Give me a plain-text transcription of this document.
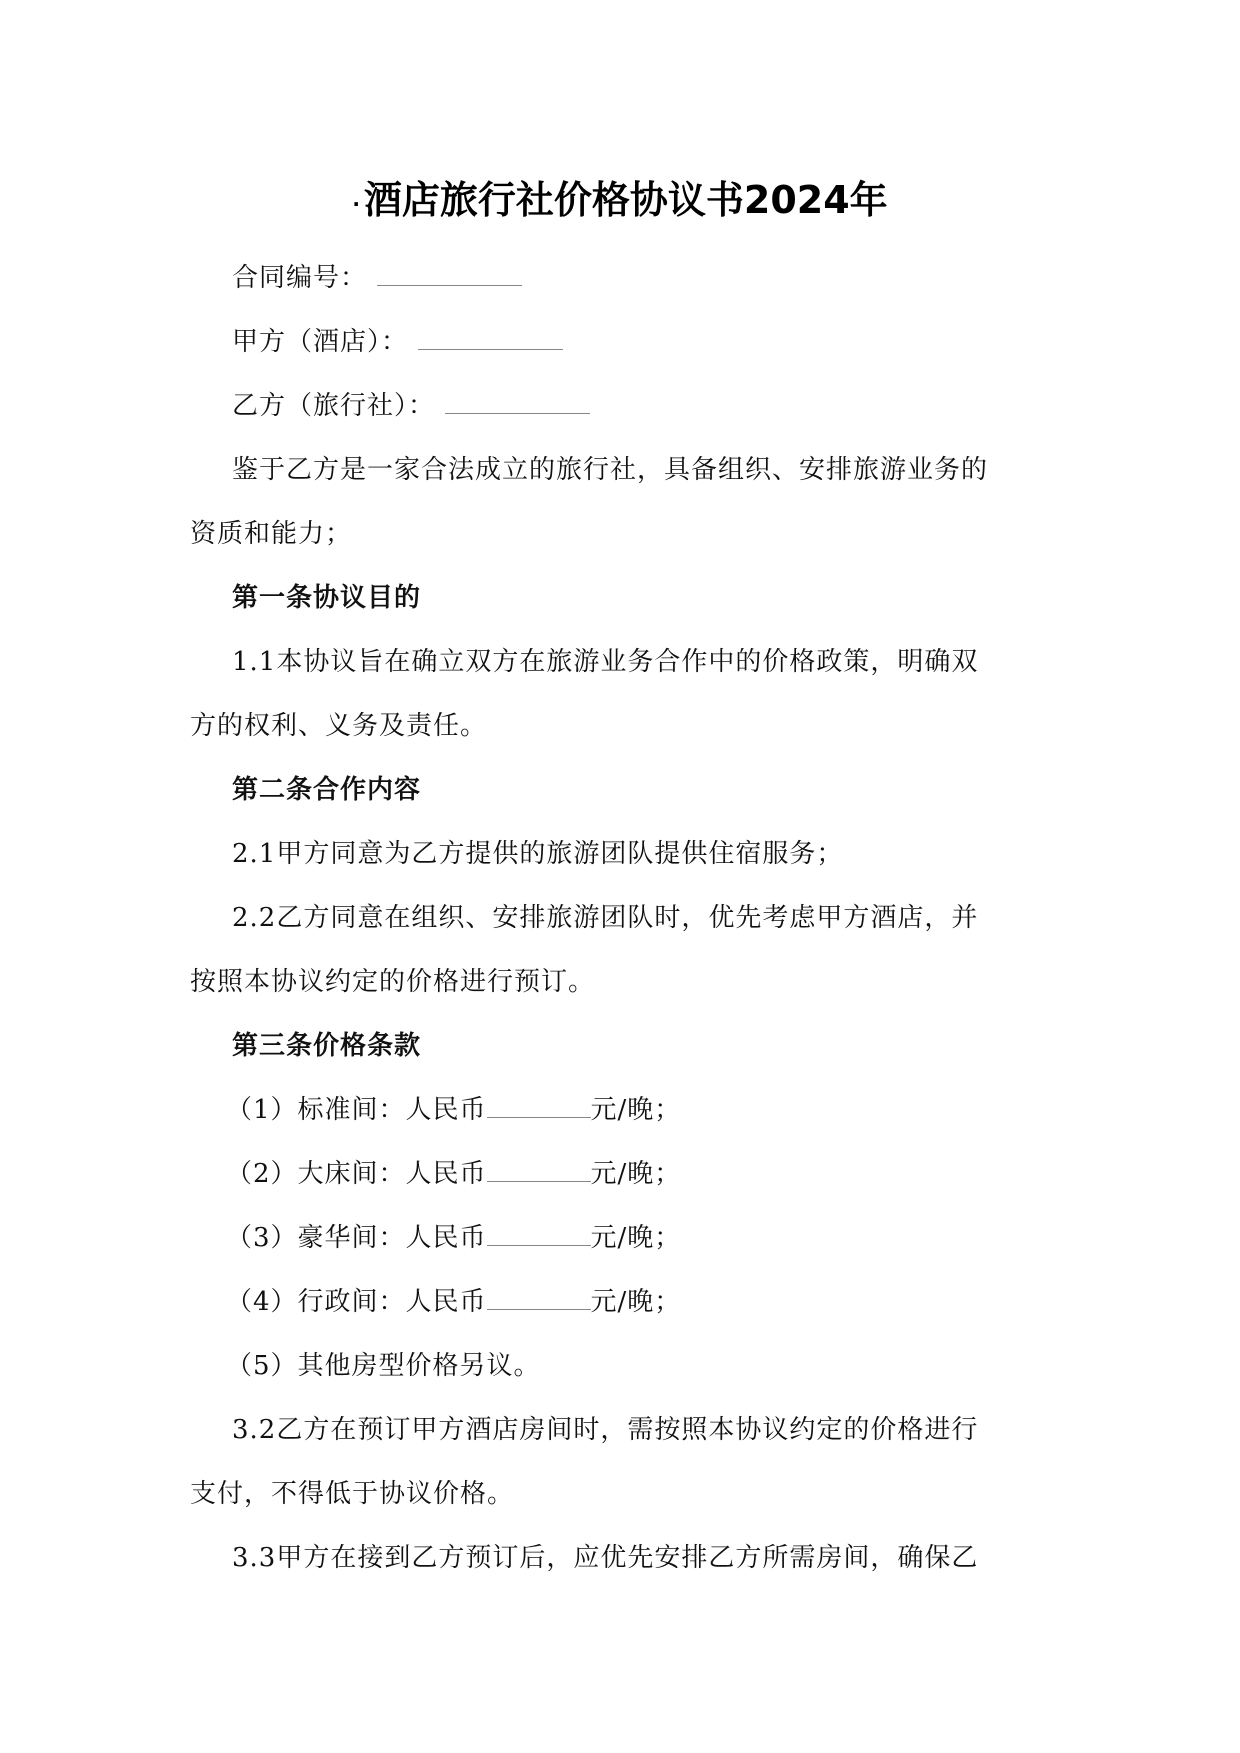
· 酒店旅行社价格协议书2024年
合同编号：
甲方（酒店）：
乙方（旅行社）：
鉴于乙方是一家合法成立的旅行社，具备组织、安排旅游业务的
资质和能力；
第一条协议目的
1.1本协议旨在确立双方在旅游业务合作中的价格政策，明确双
方的权利、义务及责任。
第二条合作内容
2.1甲方同意为乙方提供的旅游团队提供住宿服务；
2.2乙方同意在组织、安排旅游团队时，优先考虑甲方酒店，并
按照本协议约定的价格进行预订。
第三条价格条款
（1）标准间：人民币	元/晚；
（2）大床间：人民币	元/晚；
（3）豪华间：人民币	元/晚；
（4）行政间：人民币	元/晚；
（5）其他房型价格另议。
3.2乙方在预订甲方酒店房间时，需按照本协议约定的价格进行
支付，不得低于协议价格。
3.3甲方在接到乙方预订后，应优先安排乙方所需房间，确保乙
